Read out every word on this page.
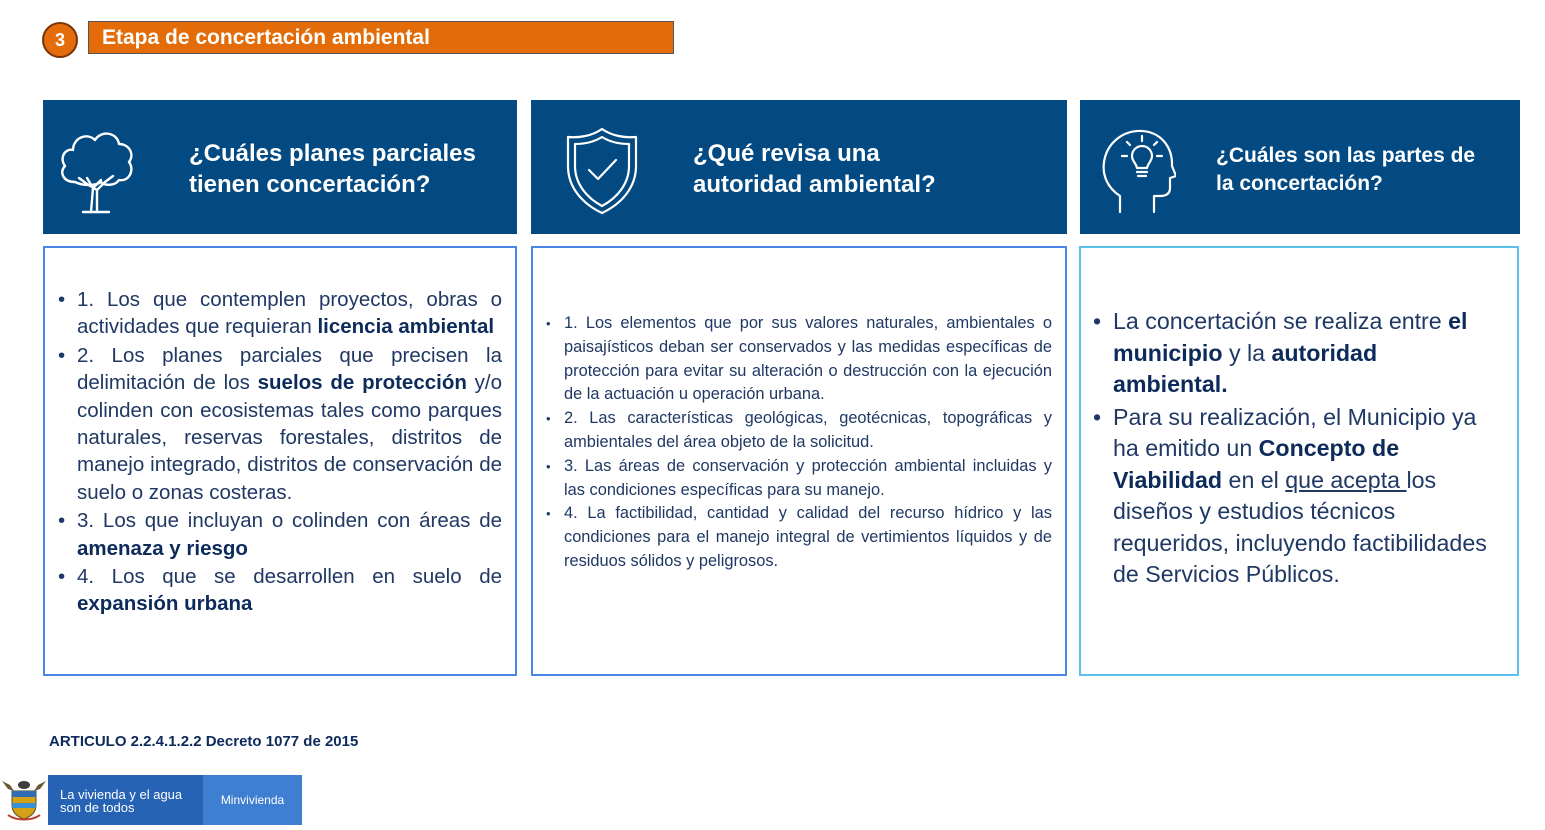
3	Etapa de concertación ambiental
¿Cuáles planes parciales
tienen concertación?
¿Qué revisa una
autoridad ambiental?
¿Cuáles son las partes de
la concertación?
• 1. Los que contemplen proyectos, obras o actividades que requieran licencia ambiental
• 2. Los planes parciales que precisen la delimitación de los suelos de protección y/o colinden con ecosistemas tales como parques naturales, reservas forestales, distritos de manejo integrado, distritos de conservación de suelo o zonas costeras.
• 3. Los que incluyan o colinden con áreas de amenaza y riesgo
• 4. Los que se desarrollen en suelo de expansión urbana
• 1. Los elementos que por sus valores naturales, ambientales o paisajísticos deban ser conservados y las medidas específicas de protección para evitar su alteración o destrucción con la ejecución de la actuación u operación urbana.
• 2. Las características geológicas, geotécnicas, topográficas y ambientales del área objeto de la solicitud.
• 3. Las áreas de conservación y protección ambiental incluidas y las condiciones específicas para su manejo.
• 4. La factibilidad, cantidad y calidad del recurso hídrico y las condiciones para el manejo integral de vertimientos líquidos y de residuos sólidos y peligrosos.
• La concertación se realiza entre el municipio y la autoridad ambiental.
• Para su realización, el Municipio ya ha emitido un Concepto de Viabilidad en el que acepta los diseños y estudios técnicos requeridos, incluyendo factibilidades de Servicios Públicos.
ARTICULO 2.2.4.1.2.2 Decreto 1077 de 2015
La vivienda y el agua
son de todos	Minvivienda
